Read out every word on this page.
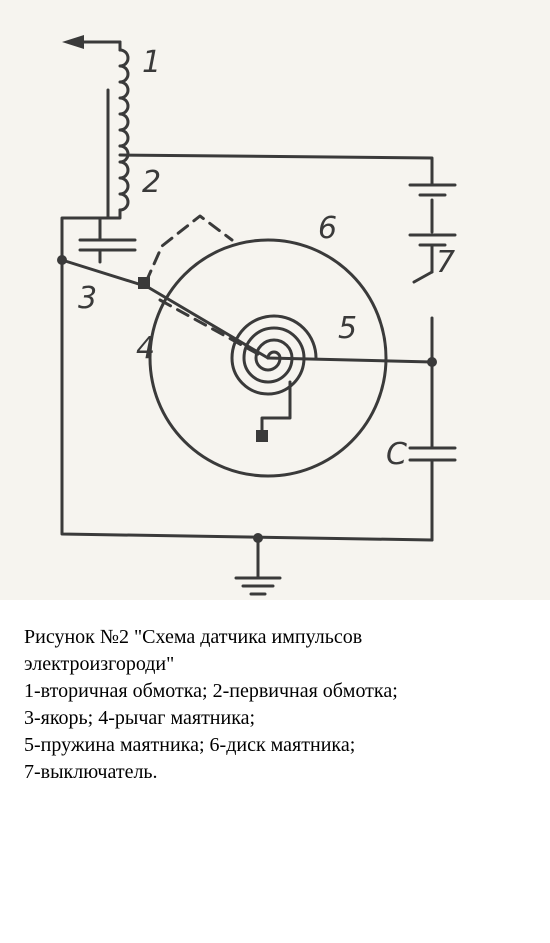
1
2
3
4
5
6
7
C
Рисунок №2 "Схема датчика импульсов
электроизгороди"
1-вторичная обмотка; 2-первичная обмотка;
3-якорь; 4-рычаг маятника;
5-пружина маятника; 6-диск маятника;
7-выключатель.
